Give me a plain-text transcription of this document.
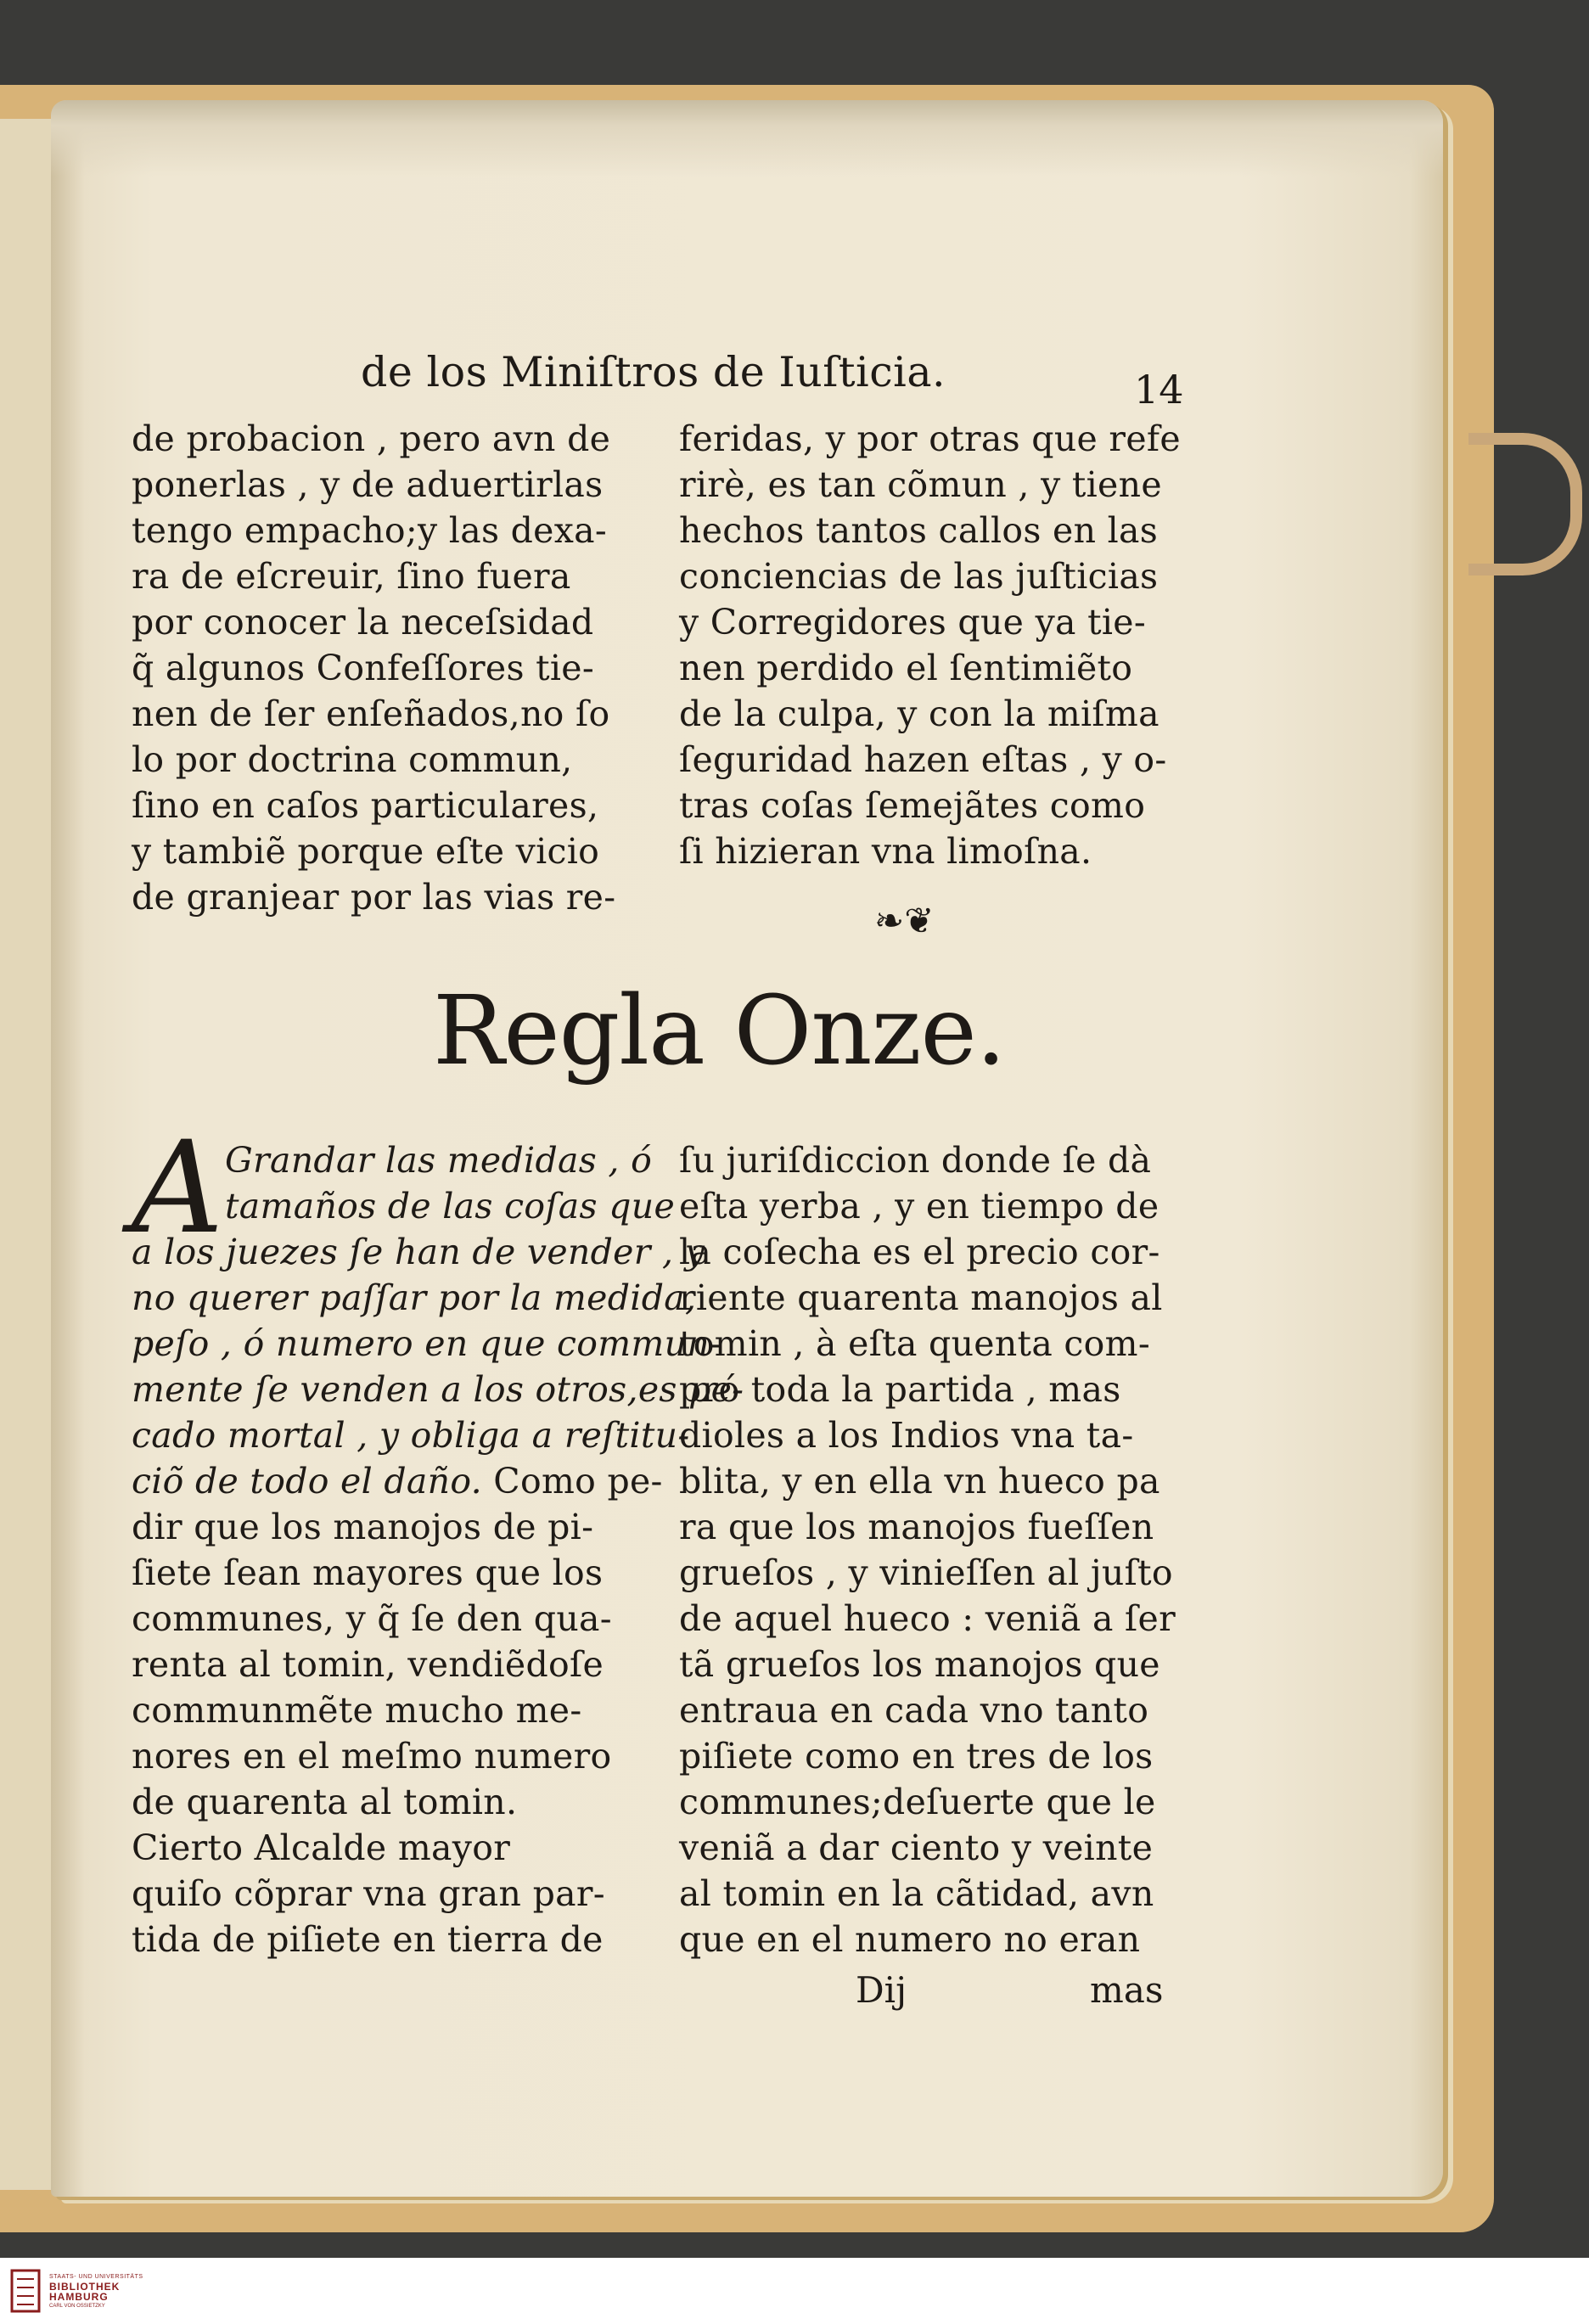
de los Miniſtros de Iuſticia.	14
de probacion , pero avn de
ponerlas , y de aduertirlas
tengo empacho;y las dexa-
ra de eſcreuir, ſino fuera
por conocer la neceſsidad
q̃ algunos Confeſſores tie-
nen de ſer enſeñados,no ſo
lo por doctrina commun,
ſino en caſos particulares,
y tambiẽ porque eſte vicio
de granjear por las vias re-
feridas, y por otras que refe
rirè, es tan cõmun , y tiene
hechos tantos callos en las
conciencias de las juſticias
y Corregidores que ya tie-
nen perdido el ſentimiẽto
de la culpa, y con la miſma
ſeguridad hazen eſtas , y o-
tras coſas ſemejãtes como
ſi hizieran vna limoſna.
❧❦
Regla Onze.
A Grandar las medidas , ó
tamaños de las coſas que
a los juezes ſe han de vender , y
no querer paſſar por la medida,
peſo , ó numero en que commun-
mente ſe venden a los otros,es pe-
cado mortal , y obliga a reſtitu-
ciõ de todo el daño. Como pe-
dir que los manojos de pi-
ſiete ſean mayores que los
communes, y q̃ ſe den qua-
renta al tomin, vendiẽdoſe
communmẽte mucho me-
nores en el meſmo numero
de quarenta al tomin.
Cierto Alcalde mayor
quiſo cõprar vna gran par-
tida de piſiete en tierra de
ſu juriſdiccion donde ſe dà
eſta yerba , y en tiempo de
la coſecha es el precio cor-
riente quarenta manojos al
tomin , à eſta quenta com-
pró toda la partida , mas
dioles a los Indios vna ta-
blita, y en ella vn hueco pa
ra que los manojos fueſſen
grueſos , y vinieſſen al juſto
de aquel hueco : veniã a ſer
tã grueſos los manojos que
entraua en cada vno tanto
piſiete como en tres de los
communes;deſuerte que le
veniã a dar ciento y veinte
al tomin en la cãtidad, avn
que en el numero no eran
Dij	mas
STAATS- UND UNIVERSITÄTS
BIBLIOTHEK
HAMBURG
CARL VON OSSIETZKY
